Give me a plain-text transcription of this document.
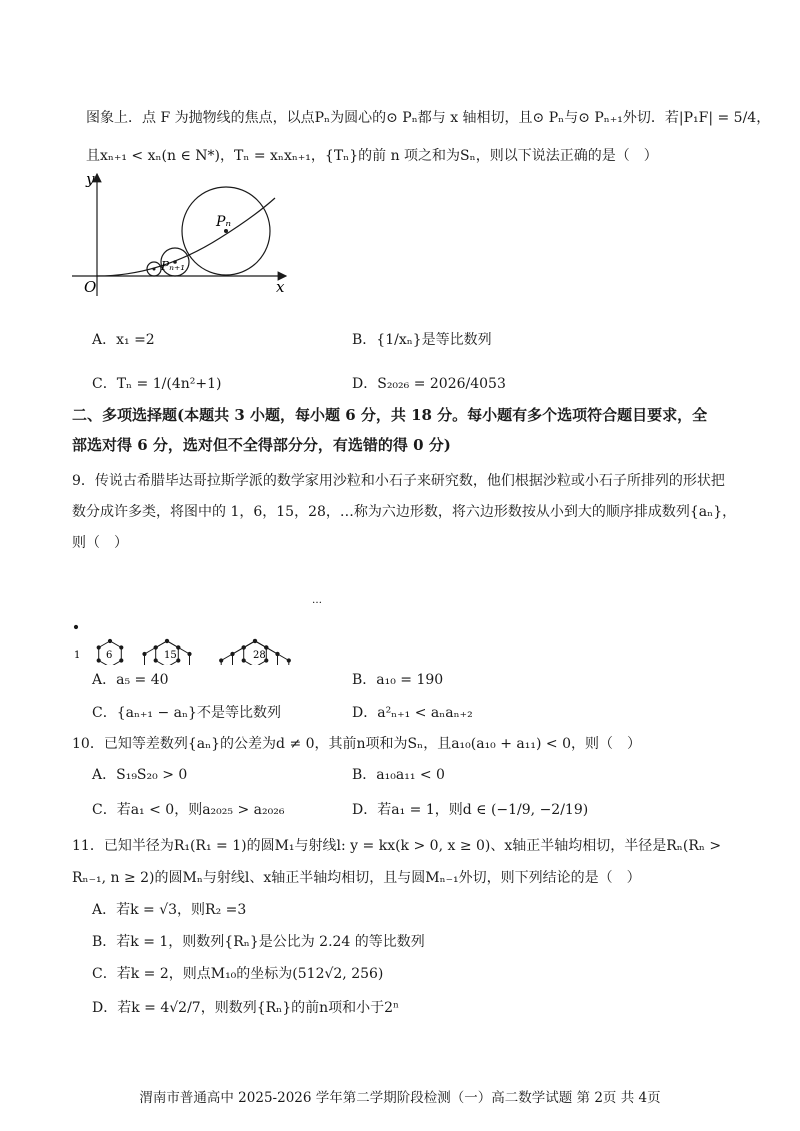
图象上．点 F 为抛物线的焦点，以点Pₙ为圆心的⊙ Pₙ都与 x 轴相切，且⊙ Pₙ与⊙ Pₙ₊₁外切．若|P₁F| = 5/4，
且xₙ₊₁ < xₙ(n ∈ N*)，Tₙ = xₙxₙ₊₁，{Tₙ}的前 n 项之和为Sₙ，则以下说法正确的是（　）
y
x
O
Pₙ
Pₙ₊₁
A．x₁ =2	B．{1/xₙ}是等比数列
C．Tₙ = 1/(4n²+1)	D．S₂₀₂₆ = 2026/4053
二、多项选择题(本题共 3 小题，每小题 6 分，共 18 分。每小题有多个选项符合题目要求，全
部选对得 6 分，选对但不全得部分分，有选错的得 0 分)
9．传说古希腊毕达哥拉斯学派的数学家用沙粒和小石子来研究数，他们根据沙粒或小石子所排列的形状把
数分成许多类，将图中的 1，6，15，28，…称为六边形数，将六边形数按从小到大的顺序排成数列{aₙ}，
则（　）
1	6	15	28
…
A．a₅ = 40	B．a₁₀ = 190
C．{aₙ₊₁ − aₙ}不是等比数列	D．a²ₙ₊₁ < aₙaₙ₊₂
10．已知等差数列{aₙ}的公差为d ≠ 0，其前n项和为Sₙ，且a₁₀(a₁₀ + a₁₁) < 0，则（　）
A．S₁₉S₂₀ > 0	B．a₁₀a₁₁ < 0
C．若a₁ < 0，则a₂₀₂₅ > a₂₀₂₆	D．若a₁ = 1，则d ∈ (−1/9, −2/19)
11．已知半径为R₁(R₁ = 1)的圆M₁与射线l: y = kx(k > 0, x ≥ 0)、x轴正半轴均相切，半径是Rₙ(Rₙ >
Rₙ₋₁, n ≥ 2)的圆Mₙ与射线l、x轴正半轴均相切，且与圆Mₙ₋₁外切，则下列结论的是（　）
A．若k = √3，则R₂ =3
B．若k = 1，则数列{Rₙ}是公比为 2.24 的等比数列
C．若k = 2，则点M₁₀的坐标为(512√2, 256)
D．若k = 4√2/7，则数列{Rₙ}的前n项和小于2ⁿ
渭南市普通高中 2025-2026 学年第二学期阶段检测（一）高二数学试题 第 2页 共 4页
